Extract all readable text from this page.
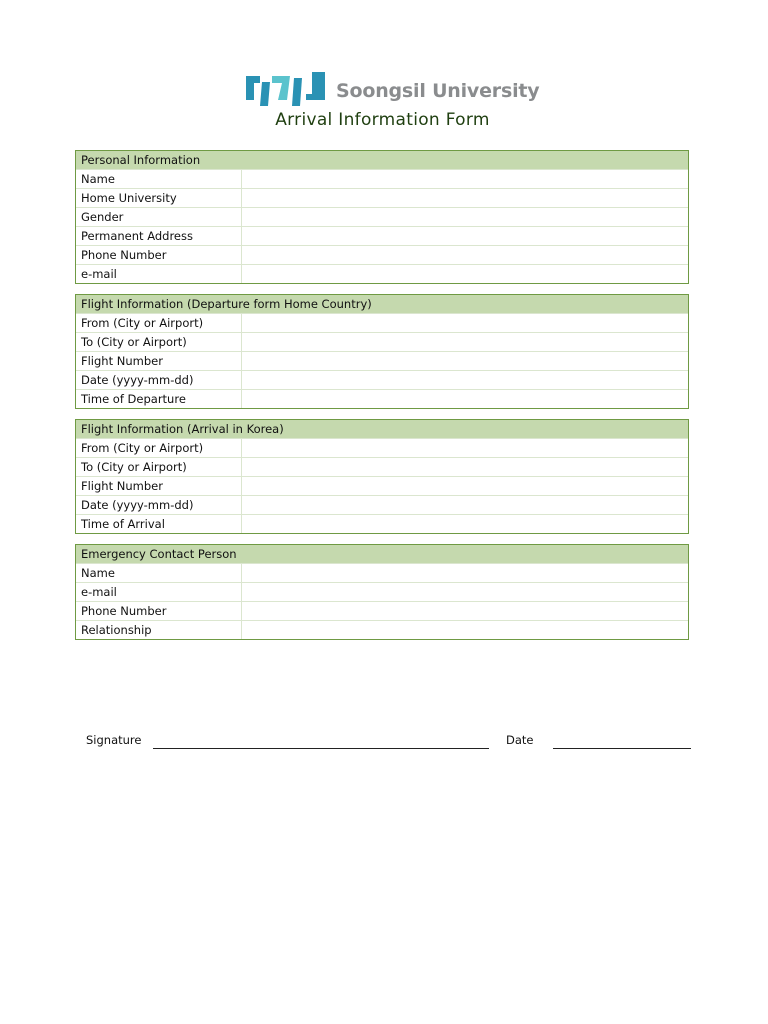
Soongsil University
Arrival Information Form
Personal Information
Name
Home University
Gender
Permanent Address
Phone Number
e-mail
Flight Information (Departure form Home Country)
From (City or Airport)
To (City or Airport)
Flight Number
Date (yyyy-mm-dd)
Time of Departure
Flight Information (Arrival in Korea)
From (City or Airport)
To (City or Airport)
Flight Number
Date (yyyy-mm-dd)
Time of Arrival
Emergency Contact Person
Name
e-mail
Phone Number
Relationship
Signature	Date
